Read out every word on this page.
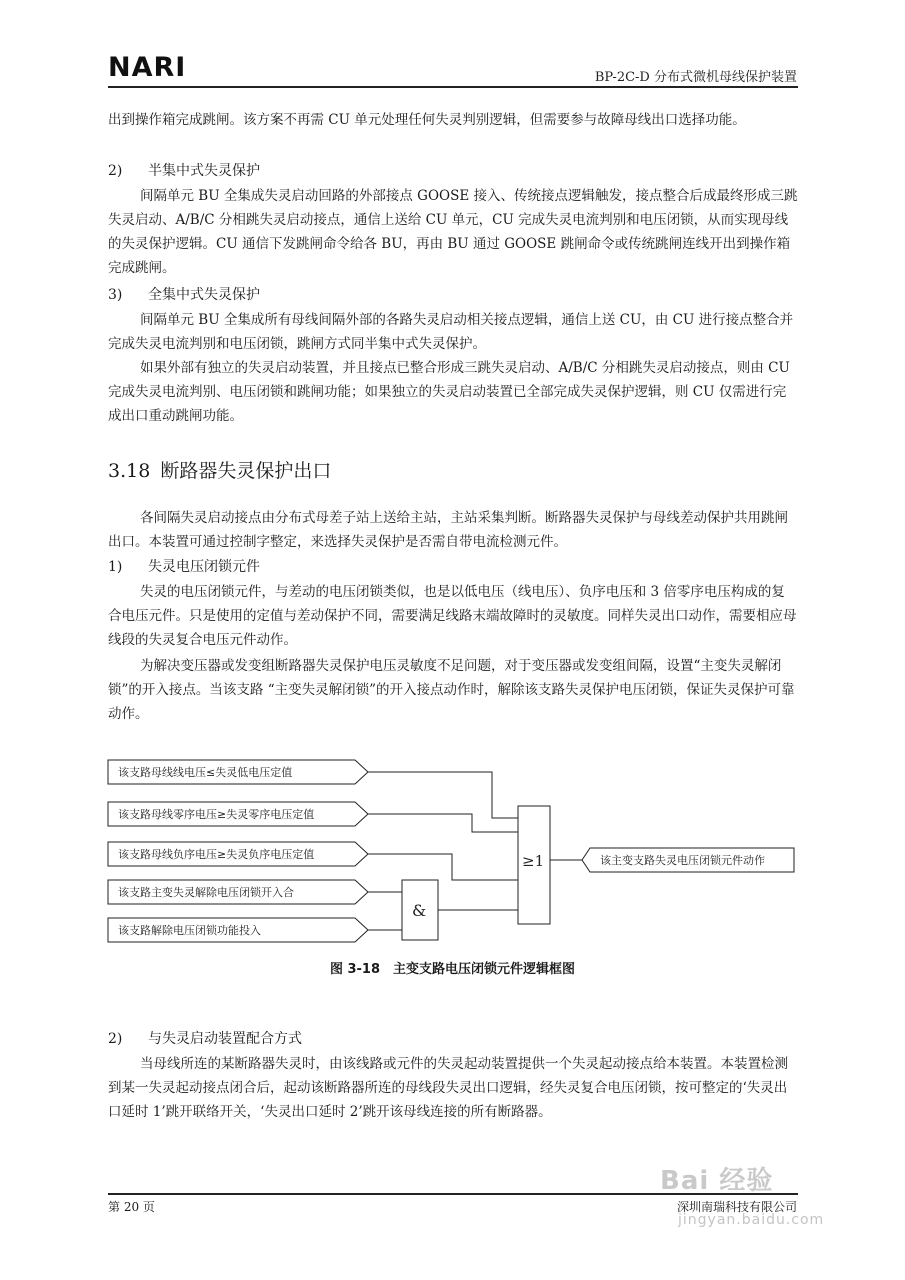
NARI	BP-2C-D 分布式微机母线保护装置

出到操作箱完成跳闸。该方案不再需 CU 单元处理任何失灵判别逻辑，但需要参与故障母线出口选择功能。

2) 半集中式失灵保护

间隔单元 BU 全集成失灵启动回路的外部接点 GOOSE 接入、传统接点逻辑触发，接点整合后成最终形成三跳失灵启动、A/B/C 分相跳失灵启动接点，通信上送给 CU 单元，CU 完成失灵电流判别和电压闭锁，从而实现母线的失灵保护逻辑。CU 通信下发跳闸命令给各 BU，再由 BU 通过 GOOSE 跳闸命令或传统跳闸连线开出到操作箱完成跳闸。

3) 全集中式失灵保护

间隔单元 BU 全集成所有母线间隔外部的各路失灵启动相关接点逻辑，通信上送 CU，由 CU 进行接点整合并完成失灵电流判别和电压闭锁，跳闸方式同半集中式失灵保护。

如果外部有独立的失灵启动装置，并且接点已整合形成三跳失灵启动、A/B/C 分相跳失灵启动接点，则由 CU 完成失灵电流判别、电压闭锁和跳闸功能；如果独立的失灵启动装置已全部完成失灵保护逻辑，则 CU 仅需进行完成出口重动跳闸功能。

3.18 断路器失灵保护出口

各间隔失灵启动接点由分布式母差子站上送给主站，主站采集判断。断路器失灵保护与母线差动保护共用跳闸出口。本装置可通过控制字整定，来选择失灵保护是否需自带电流检测元件。

1) 失灵电压闭锁元件

失灵的电压闭锁元件，与差动的电压闭锁类似，也是以低电压（线电压）、负序电压和 3 倍零序电压构成的复合电压元件。只是使用的定值与差动保护不同，需要满足线路末端故障时的灵敏度。同样失灵出口动作，需要相应母线段的失灵复合电压元件动作。

为解决变压器或发变组断路器失灵保护电压灵敏度不足问题，对于变压器或发变组间隔，设置“主变失灵解闭锁”的开入接点。当该支路 “主变失灵解闭锁”的开入接点动作时，解除该支路失灵保护电压闭锁，保证失灵保护可靠动作。

该支路母线线电压≤失灵低电压定值
该支路母线零序电压≥失灵零序电压定值
该支路母线负序电压≥失灵负序电压定值
该支路主变失灵解除电压闭锁开入合
该支路解除电压闭锁功能投入
该主变支路失灵电压闭锁元件动作
≥1
&
图 3-18　主变支路电压闭锁元件逻辑框图
2) 与失灵启动装置配合方式

当母线所连的某断路器失灵时，由该线路或元件的失灵起动装置提供一个失灵起动接点给本装置。本装置检测到某一失灵起动接点闭合后，起动该断路器所连的母线段失灵出口逻辑，经失灵复合电压闭锁，按可整定的‘失灵出口延时 1’跳开联络开关，‘失灵出口延时 2’跳开该母线连接的所有断路器。

第 20 页	深圳南瑞科技有限公司
Bai 经验
jingyan.baidu.com
